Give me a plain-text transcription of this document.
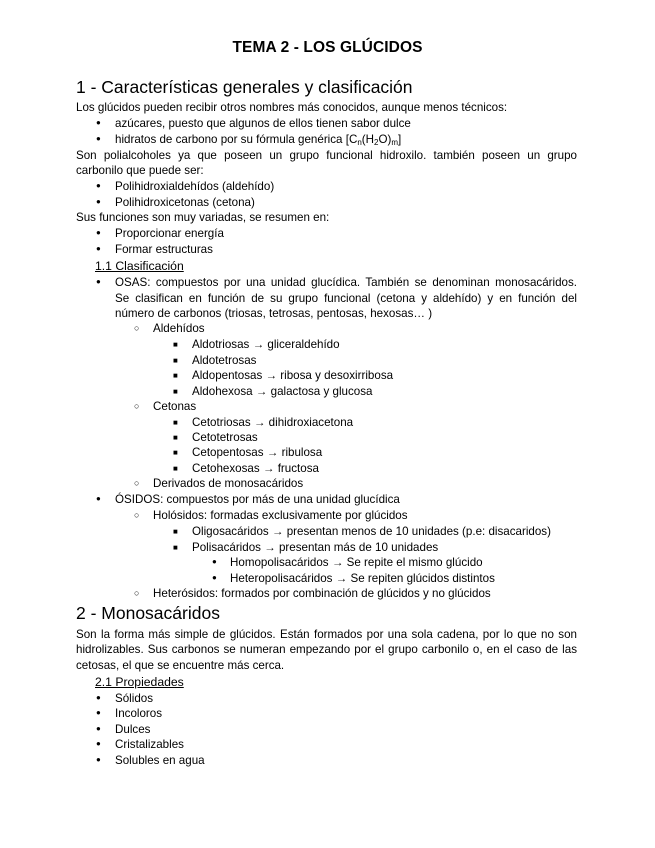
TEMA 2 - LOS GLÚCIDOS
1 - Características generales y clasificación
Los glúcidos pueden recibir otros nombres más conocidos, aunque menos técnicos:
●
azúcares, puesto que algunos de ellos tienen sabor dulce
●
hidratos de carbono por su fórmula genérica $[C_n(H_2O)_m]$
Son polialcoholes ya que poseen un grupo funcional hidroxilo. también poseen un grupo
carbonilo que puede ser:
●
Polihidroxialdehídos (aldehído)
●
Polihidroxicetonas (cetona)
Sus funciones son muy variadas, se resumen en:
●
Proporcionar energía
●
Formar estructuras
1.1 Clasificación
●
OSAS: compuestos por una unidad glucídica. También se denominan monosacáridos.
Se clasifican en función de su grupo funcional (cetona y aldehído) y en función del
número de carbonos (triosas, tetrosas, pentosas, hexosas… )
○
Aldehídos
■
Aldotriosas → gliceraldehído
■
Aldotetrosas
■
Aldopentosas → ribosa y desoxirribosa
■
Aldohexosa → galactosa y glucosa
○
Cetonas
■
Cetotriosas → dihidroxiacetona
■
Cetotetrosas
■
Cetopentosas → ribulosa
■
Cetohexosas → fructosa
○
Derivados de monosacáridos
●
ÓSIDOS: compuestos por más de una unidad glucídica
○
Holósidos: formadas exclusivamente por glúcidos
■
Oligosacáridos → presentan menos de 10 unidades (p.e: disacaridos)
■
Polisacáridos → presentan más de 10 unidades
●
Homopolisacáridos → Se repite el mismo glúcido
●
Heteropolisacáridos → Se repiten glúcidos distintos
○
Heterósidos: formados por combinación de glúcidos y no glúcidos
2 - Monosacáridos
Son la forma más simple de glúcidos. Están formados por una sola cadena, por lo que no son
hidrolizables. Sus carbonos se numeran empezando por el grupo carbonilo o, en el caso de las
cetosas, el que se encuentre más cerca.
2.1 Propiedades
●
Sólidos
●
Incoloros
●
Dulces
●
Cristalizables
●
Solubles en agua
